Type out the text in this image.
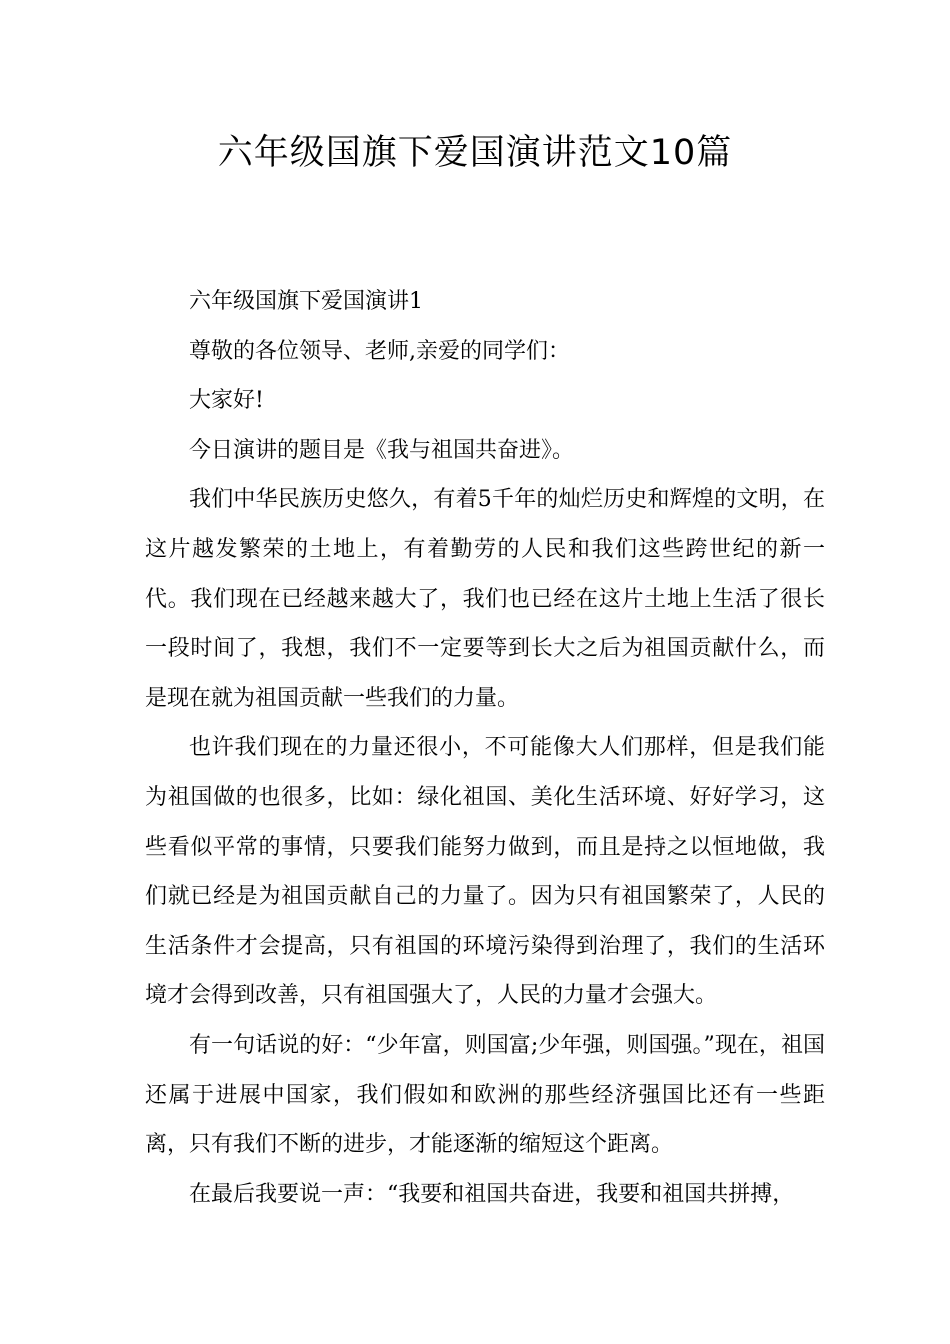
六年级国旗下爱国演讲范文10篇

六年级国旗下爱国演讲1

尊敬的各位领导、老师,亲爱的同学们：

大家好!

今日演讲的题目是《我与祖国共奋进》。

我们中华民族历史悠久，有着5千年的灿烂历史和辉煌的文明，在这片越发繁荣的土地上，有着勤劳的人民和我们这些跨世纪的新一代。我们现在已经越来越大了，我们也已经在这片土地上生活了很长一段时间了，我想，我们不一定要等到长大之后为祖国贡献什么，而是现在就为祖国贡献一些我们的力量。

也许我们现在的力量还很小，不可能像大人们那样，但是我们能为祖国做的也很多，比如：绿化祖国、美化生活环境、好好学习，这些看似平常的事情，只要我们能努力做到，而且是持之以恒地做，我们就已经是为祖国贡献自己的力量了。因为只有祖国繁荣了，人民的生活条件才会提高，只有祖国的环境污染得到治理了，我们的生活环境才会得到改善，只有祖国强大了，人民的力量才会强大。

有一句话说的好：“少年富，则国富;少年强，则国强。”现在，祖国还属于进展中国家，我们假如和欧洲的那些经济强国比还有一些距离，只有我们不断的进步，才能逐渐的缩短这个距离。

在最后我要说一声：“我要和祖国共奋进，我要和祖国共拼搏，
